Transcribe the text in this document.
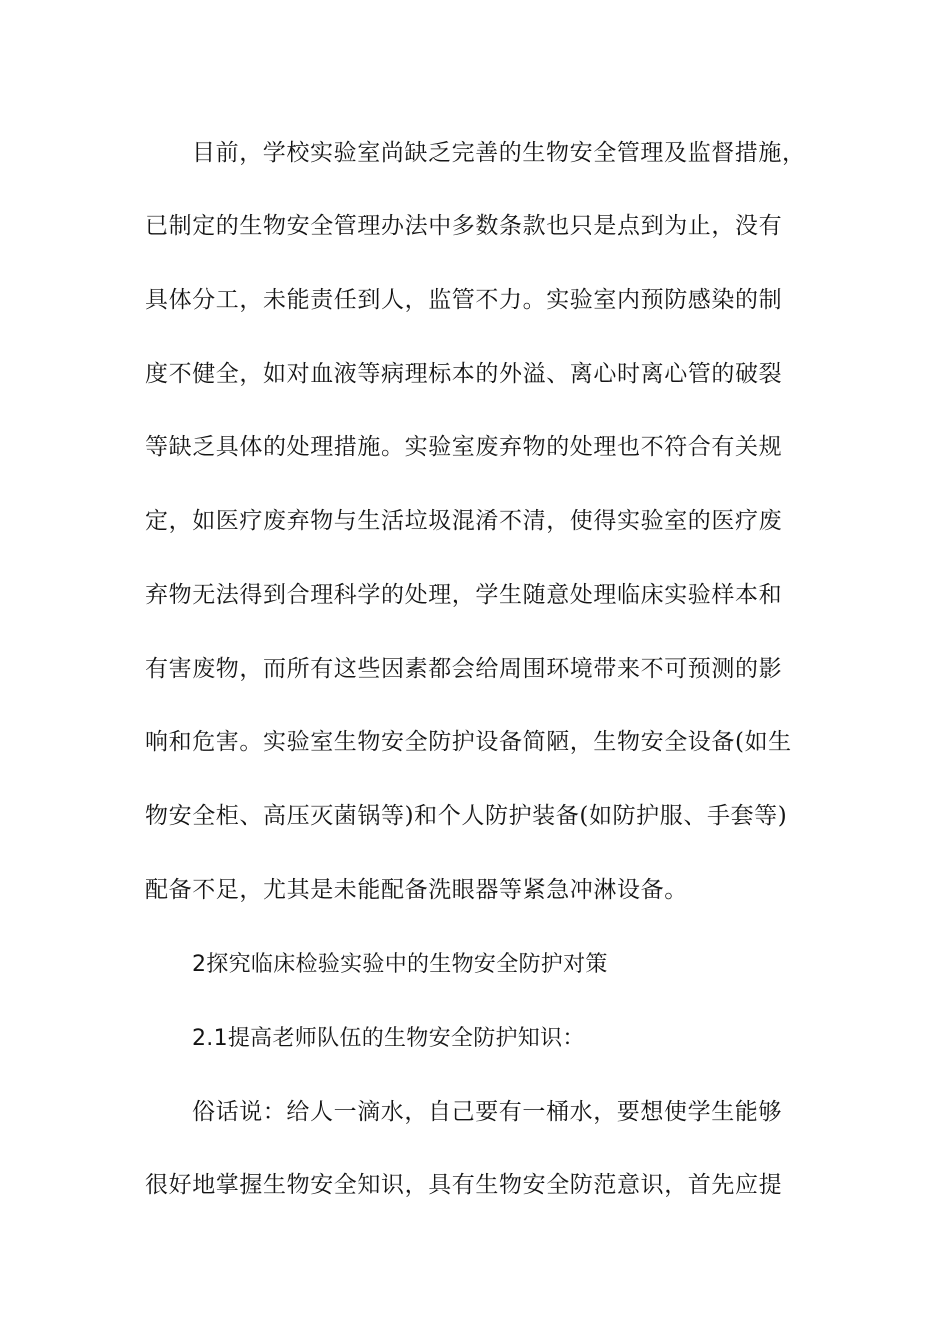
目前，学校实验室尚缺乏完善的生物安全管理及监督措施，

已制定的生物安全管理办法中多数条款也只是点到为止，没有

具体分工，未能责任到人，监管不力。实验室内预防感染的制

度不健全，如对血液等病理标本的外溢、离心时离心管的破裂

等缺乏具体的处理措施。实验室废弃物的处理也不符合有关规

定，如医疗废弃物与生活垃圾混淆不清，使得实验室的医疗废

弃物无法得到合理科学的处理，学生随意处理临床实验样本和

有害废物，而所有这些因素都会给周围环境带来不可预测的影

响和危害。实验室生物安全防护设备简陋，生物安全设备(如生

物安全柜、高压灭菌锅等)和个人防护装备(如防护服、手套等)

配备不足，尤其是未能配备洗眼器等紧急冲淋设备。

2探究临床检验实验中的生物安全防护对策

2.1提高老师队伍的生物安全防护知识：

俗话说：给人一滴水，自己要有一桶水，要想使学生能够

很好地掌握生物安全知识，具有生物安全防范意识，首先应提
